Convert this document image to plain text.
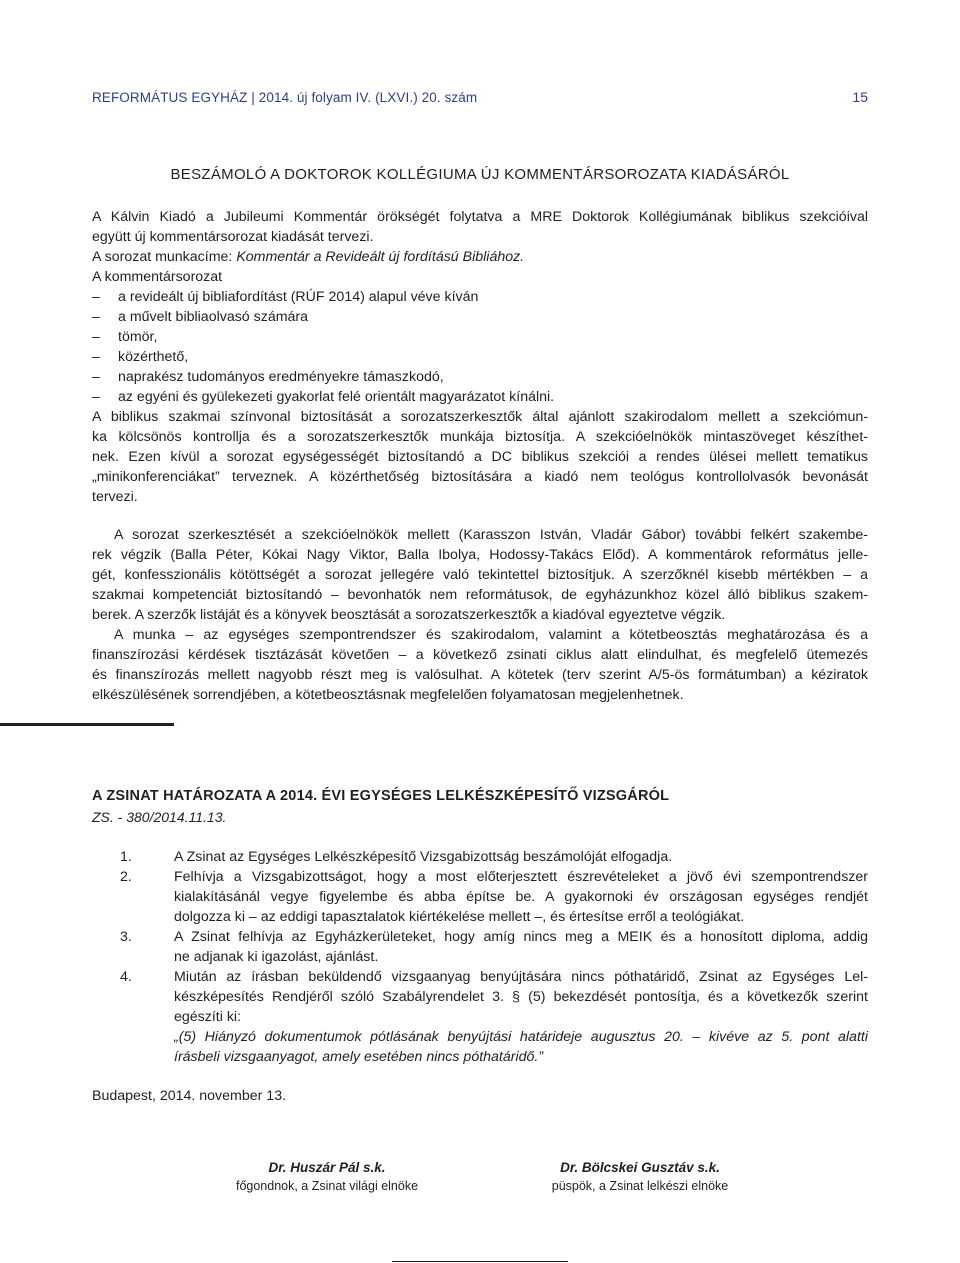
REFORMÁTUS EGYHÁZ | 2014. új folyam IV. (LXVI.) 20. szám	15
BESZÁMOLÓ A DOKTOROK KOLLÉGIUMA ÚJ KOMMENTÁRSOROZATA KIADÁSÁRÓL

A Kálvin Kiadó a Jubileumi Kommentár örökségét folytatva a MRE Doktorok Kollégiumának biblikus szekcióival

együtt új kommentársorozat kiadását tervezi.

A sorozat munkacíme: Kommentár a Revideált új fordítású Bibliához.

A kommentársorozat

– a revideált új bibliafordítást (RÚF 2014) alapul véve kíván

– a művelt bibliaolvasó számára

– tömör,

– közérthető,

– naprakész tudományos eredményekre támaszkodó,

– az egyéni és gyülekezeti gyakorlat felé orientált magyarázatot kínálni.

A biblikus szakmai színvonal biztosítását a sorozatszerkesztők által ajánlott szakirodalom mellett a szekciómun-

ka kölcsönös kontrollja és a sorozatszerkesztők munkája biztosítja. A szekcióelnökök mintaszöveget készíthet-

nek. Ezen kívül a sorozat egységességét biztosítandó a DC biblikus szekciói a rendes ülései mellett tematikus

„minikonferenciákat” terveznek. A közérthetőség biztosítására a kiadó nem teológus kontrollolvasók bevonását

tervezi.

A sorozat szerkesztését a szekcióelnökök mellett (Karasszon István, Vladár Gábor) további felkért szakembe-

rek végzik (Balla Péter, Kókai Nagy Viktor, Balla Ibolya, Hodossy-Takács Előd). A kommentárok református jelle-

gét, konfesszionális kötöttségét a sorozat jellegére való tekintettel biztosítjuk. A szerzőknél kisebb mértékben – a

szakmai kompetenciát biztosítandó – bevonhatók nem reformátusok, de egyházunkhoz közel álló biblikus szakem-

berek. A szerzők listáját és a könyvek beosztását a sorozatszerkesztők a kiadóval egyeztetve végzik.

A munka – az egységes szempontrendszer és szakirodalom, valamint a kötetbeosztás meghatározása és a

finanszírozási kérdések tisztázását követően – a következő zsinati ciklus alatt elindulhat, és megfelelő ütemezés

és finanszírozás mellett nagyobb részt meg is valósulhat. A kötetek (terv szerint A/5-ös formátumban) a kéziratok

elkészülésének sorrendjében, a kötetbeosztásnak megfelelően folyamatosan megjelenhetnek.

A ZSINAT HATÁROZATA A 2014. ÉVI EGYSÉGES LELKÉSZKÉPESÍTŐ VIZSGÁRÓL
ZS. - 380/2014.11.13.
1.	A Zsinat az Egységes Lelkészképesítő Vizsgabizottság beszámolóját elfogadja.

2.	Felhívja a Vizsgabizottságot, hogy a most előterjesztett észrevételeket a jövő évi szempontrendszer

kialakításánál vegye figyelembe és abba építse be. A gyakornoki év országosan egységes rendjét

dolgozza ki – az eddigi tapasztalatok kiértékelése mellett –, és értesítse erről a teológiákat.

3.	A Zsinat felhívja az Egyházkerületeket, hogy amíg nincs meg a MEIK és a honosított diploma, addig

ne adjanak ki igazolást, ajánlást.

4.	Miután az írásban beküldendő vizsgaanyag benyújtására nincs póthatáridő, Zsinat az Egységes Lel-

készképesítés Rendjéről szóló Szabályrendelet 3. § (5) bekezdését pontosítja, és a következők szerint

egészíti ki:

„(5) Hiányzó dokumentumok pótlásának benyújtási határideje augusztus 20. – kivéve az 5. pont alatti

írásbeli vizsgaanyagot, amely esetében nincs póthatáridő.”

Budapest, 2014. november 13.
Dr. Huszár Pál s.k.
főgondnok, a Zsinat világi elnöke
Dr. Bölcskei Gusztáv s.k.
püspök, a Zsinat lelkészi elnöke
